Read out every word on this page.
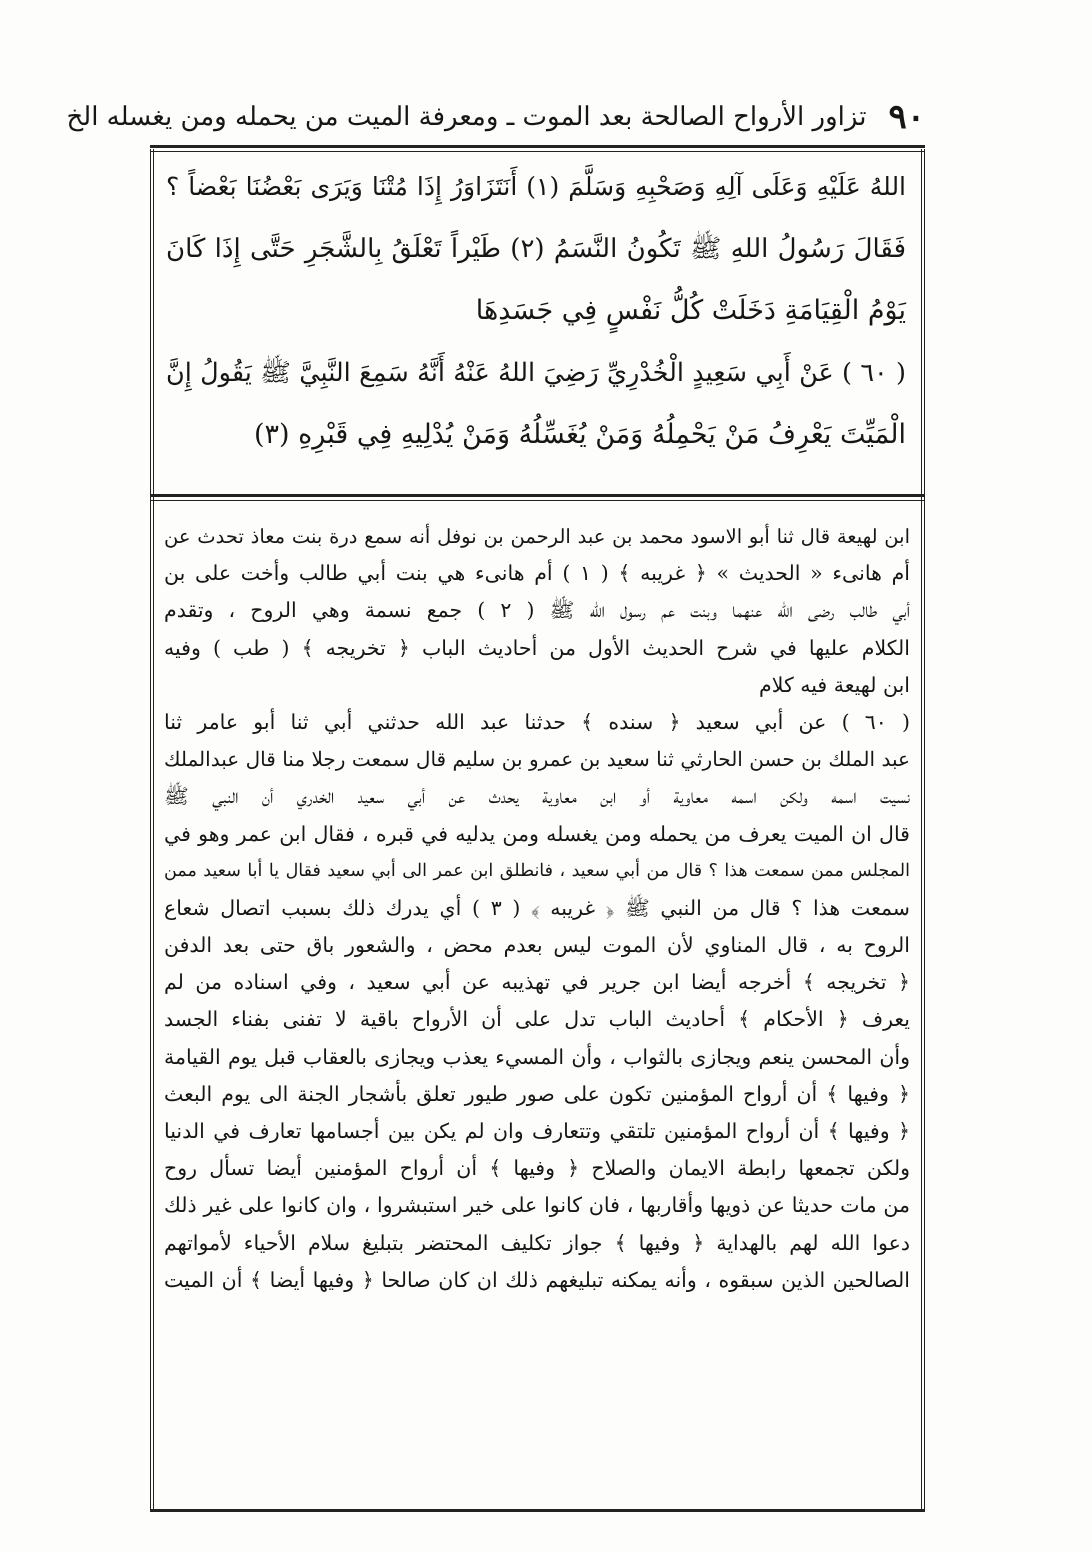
٩٠
تزاور الأرواح الصالحة بعد الموت ـ ومعرفة الميت من يحمله ومن يغسله الخ
اللهُ عَلَيْهِ وَعَلَى آلِهِ وَصَحْبِهِ وَسَلَّمَ (١) أَنَتَزَاوَرُ إِذَا مُتْنَا وَيَرَى بَعْضُنَا بَعْضاً ؟
فَقَالَ رَسُولُ اللهِ ﷺ تَكُونُ النَّسَمُ (٢) طَيْراً تَعْلَقُ بِالشَّجَرِ حَتَّى إِذَا كَانَ
يَوْمُ الْقِيَامَةِ دَخَلَتْ كُلُّ نَفْسٍ فِي جَسَدِهَا
( ٦٠ ) عَنْ أَبِي سَعِيدٍ الْخُدْرِيِّ رَضِيَ اللهُ عَنْهُ أَنَّهُ سَمِعَ النَّبِيَّ ﷺ يَقُولُ إِنَّ
الْمَيِّتَ يَعْرِفُ مَنْ يَحْمِلُهُ وَمَنْ يُغَسِّلُهُ وَمَنْ يُدْلِيهِ فِي قَبْرِهِ (٣)
ابن لهيعة قال ثنا أبو الاسود محمد بن عبد الرحمن بن نوفل أنه سمع درة بنت معاذ تحدث عن
أم هانىء « الحديث » ﴿ غريبه ﴾ ( ١ ) أم هانىء هي بنت أبي طالب وأخت على بن
أبي طالب رضى الله عنهما وبنت عم رسول الله ﷺ ( ٢ ) جمع نسمة وهي الروح ، وتقدم
الكلام عليها في شرح الحديث الأول من أحاديث الباب ﴿ تخريجه ﴾ ( طب ) وفيه
ابن لهيعة فيه كلام
( ٦٠ ) عن أبي سعيد ﴿ سنده ﴾ حدثنا عبد الله حدثني أبي ثنا أبو عامر ثنا
عبد الملك بن حسن الحارثي ثنا سعيد بن عمرو بن سليم قال سمعت رجلا منا قال عبدالملك
نسيت اسمه ولكن اسمه معاوية أو ابن معاوية يحدث عن أبي سعيد الخدري أن النبي ﷺ
قال ان الميت يعرف من يحمله ومن يغسله ومن يدليه في قبره ، فقال ابن عمر وهو في
المجلس ممن سمعت هذا ؟ قال من أبي سعيد ، فانطلق ابن عمر الى أبي سعيد فقال يا أبا سعيد ممن
سمعت هذا ؟ قال من النبي ﷺ ﴿ غريبه ﴾ ( ٣ ) أي يدرك ذلك بسبب اتصال شعاع
الروح به ، قال المناوي لأن الموت ليس بعدم محض ، والشعور باق حتى بعد الدفن
﴿ تخريجه ﴾ أخرجه أيضا ابن جرير في تهذيبه عن أبي سعيد ، وفي اسناده من لم
يعرف ﴿ الأحكام ﴾ أحاديث الباب تدل على أن الأرواح باقية لا تفنى بفناء الجسد
وأن المحسن ينعم ويجازى بالثواب ، وأن المسيء يعذب ويجازى بالعقاب قبل يوم القيامة
﴿ وفيها ﴾ أن أرواح المؤمنين تكون على صور طيور تعلق بأشجار الجنة الى يوم البعث
﴿ وفيها ﴾ أن أرواح المؤمنين تلتقي وتتعارف وان لم يكن بين أجسامها تعارف في الدنيا
ولكن تجمعها رابطة الايمان والصلاح ﴿ وفيها ﴾ أن أرواح المؤمنين أيضا تسأل روح
من مات حديثا عن ذويها وأقاربها ، فان كانوا على خير استبشروا ، وان كانوا على غير ذلك
دعوا الله لهم بالهداية ﴿ وفيها ﴾ جواز تكليف المحتضر بتبليغ سلام الأحياء لأمواتهم
الصالحين الذين سبقوه ، وأنه يمكنه تبليغهم ذلك ان كان صالحا ﴿ وفيها أيضا ﴾ أن الميت
